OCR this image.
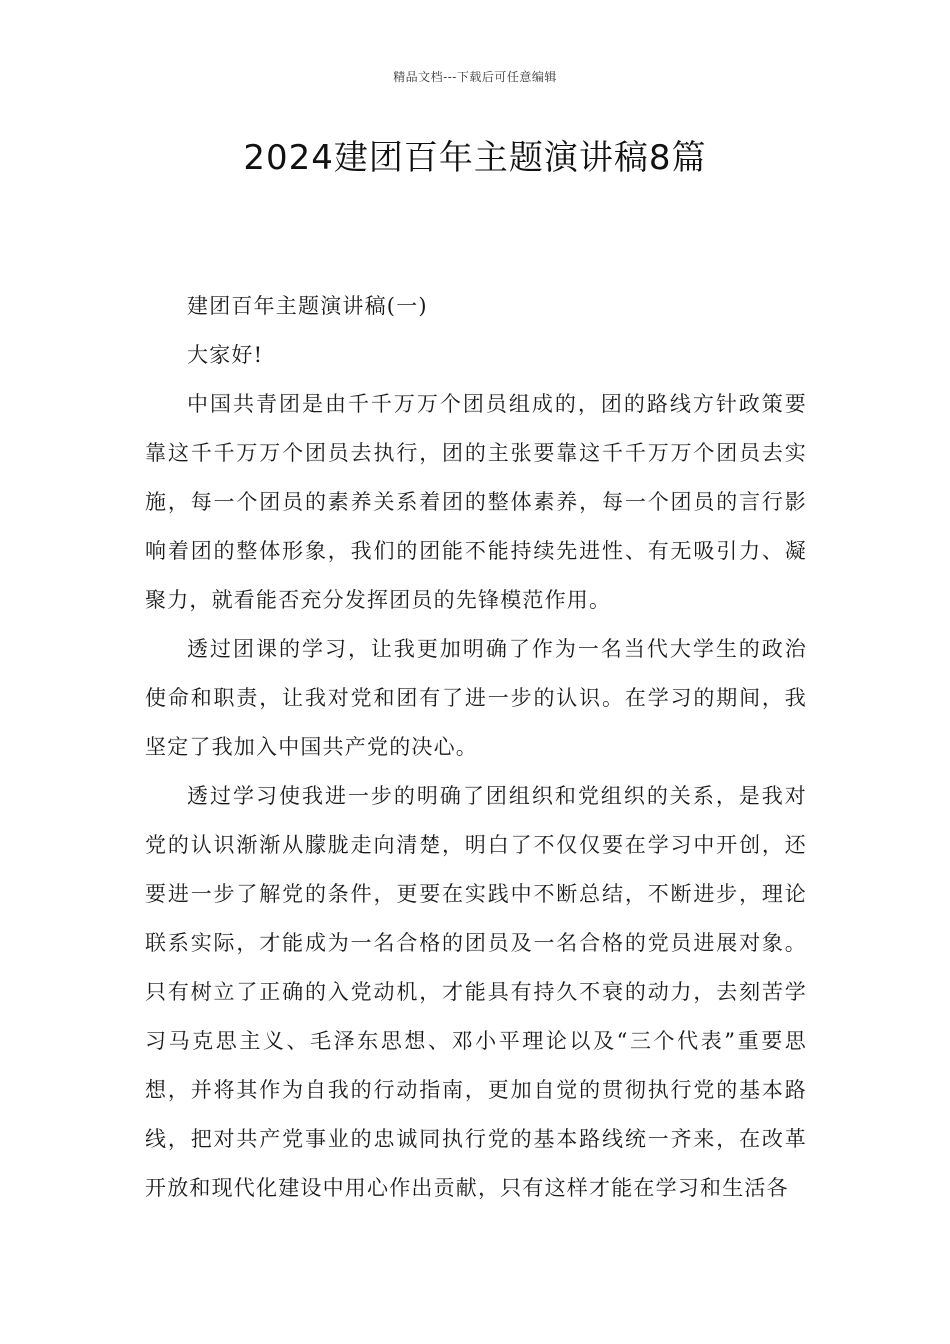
精品文档---下载后可任意编辑
2024建团百年主题演讲稿8篇

建团百年主题演讲稿(一)

大家好!

中国共青团是由千千万万个团员组成的，团的路线方针政策要靠这千千万万个团员去执行，团的主张要靠这千千万万个团员去实施，每一个团员的素养关系着团的整体素养，每一个团员的言行影响着团的整体形象，我们的团能不能持续先进性、有无吸引力、凝聚力，就看能否充分发挥团员的先锋模范作用。

透过团课的学习，让我更加明确了作为一名当代大学生的政治使命和职责，让我对党和团有了进一步的认识。在学习的期间，我坚定了我加入中国共产党的决心。

透过学习使我进一步的明确了团组织和党组织的关系，是我对党的认识渐渐从朦胧走向清楚，明白了不仅仅要在学习中开创，还要进一步了解党的条件，更要在实践中不断总结，不断进步，理论联系实际，才能成为一名合格的团员及一名合格的党员进展对象。只有树立了正确的入党动机，才能具有持久不衰的动力，去刻苦学习马克思主义、毛泽东思想、邓小平理论以及“三个代表”重要思想，并将其作为自我的行动指南，更加自觉的贯彻执行党的基本路线，把对共产党事业的忠诚同执行党的基本路线统一齐来，在改革开放和现代化建设中用心作出贡献，只有这样才能在学习和生活各
